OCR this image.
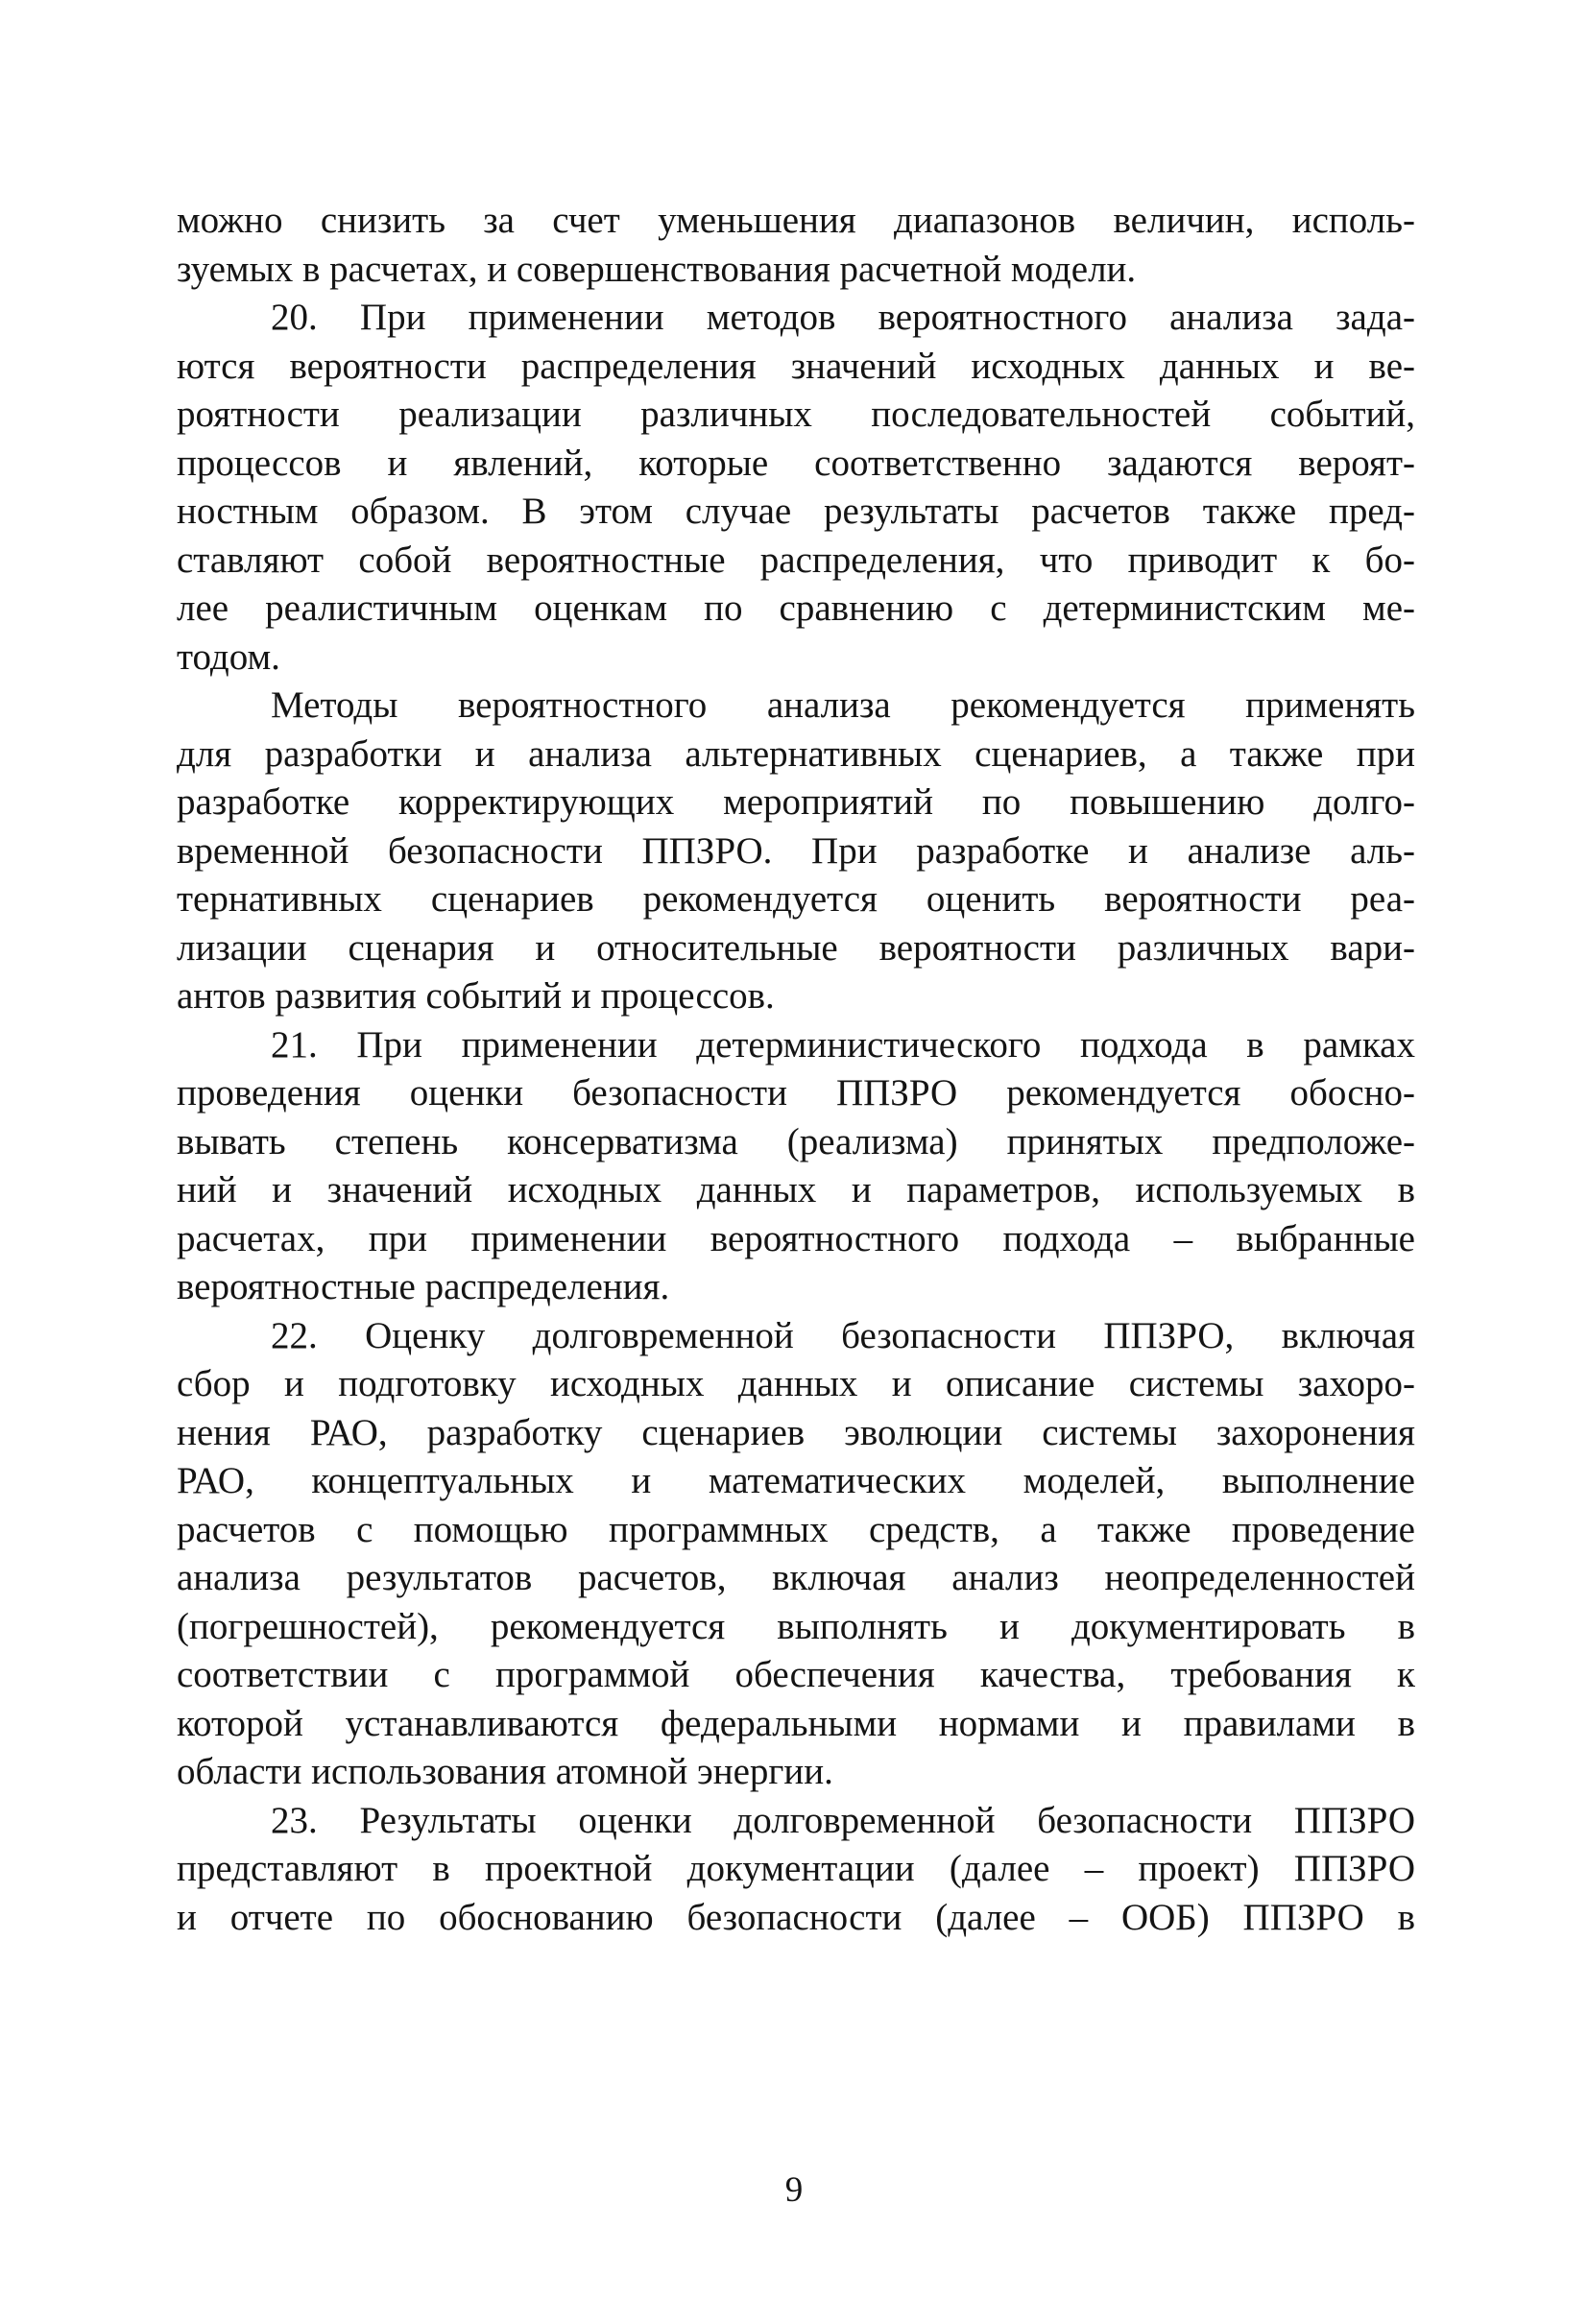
можно снизить за счет уменьшения диапазонов величин, исполь-
зуемых в расчетах, и совершенствования расчетной модели.
20. При применении методов вероятностного анализа зада-
ются вероятности распределения значений исходных данных и ве-
роятности реализации различных последовательностей событий,
процессов и явлений, которые соответственно задаются вероят-
ностным образом. В этом случае результаты расчетов также пред-
ставляют собой вероятностные распределения, что приводит к бо-
лее реалистичным оценкам по сравнению с детерминистским ме-
тодом.
Методы вероятностного анализа рекомендуется применять
для разработки и анализа альтернативных сценариев, а также при
разработке корректирующих мероприятий по повышению долго-
временной безопасности ППЗРО. При разработке и анализе аль-
тернативных сценариев рекомендуется оценить вероятности реа-
лизации сценария и относительные вероятности различных вари-
антов развития событий и процессов.
21. При применении детерминистического подхода в рамках
проведения оценки безопасности ППЗРО рекомендуется обосно-
вывать степень консерватизма (реализма) принятых предположе-
ний и значений исходных данных и параметров, используемых в
расчетах, при применении вероятностного подхода – выбранные
вероятностные распределения.
22. Оценку долговременной безопасности ППЗРО, включая
сбор и подготовку исходных данных и описание системы захоро-
нения РАО, разработку сценариев эволюции системы захоронения
РАО, концептуальных и математических моделей, выполнение
расчетов с помощью программных средств, а также проведение
анализа результатов расчетов, включая анализ неопределенностей
(погрешностей), рекомендуется выполнять и документировать в
соответствии с программой обеспечения качества, требования к
которой устанавливаются федеральными нормами и правилами в
области использования атомной энергии.
23. Результаты оценки долговременной безопасности ППЗРО
представляют в проектной документации (далее – проект) ППЗРО
и отчете по обоснованию безопасности (далее – ООБ) ППЗРО в
9
